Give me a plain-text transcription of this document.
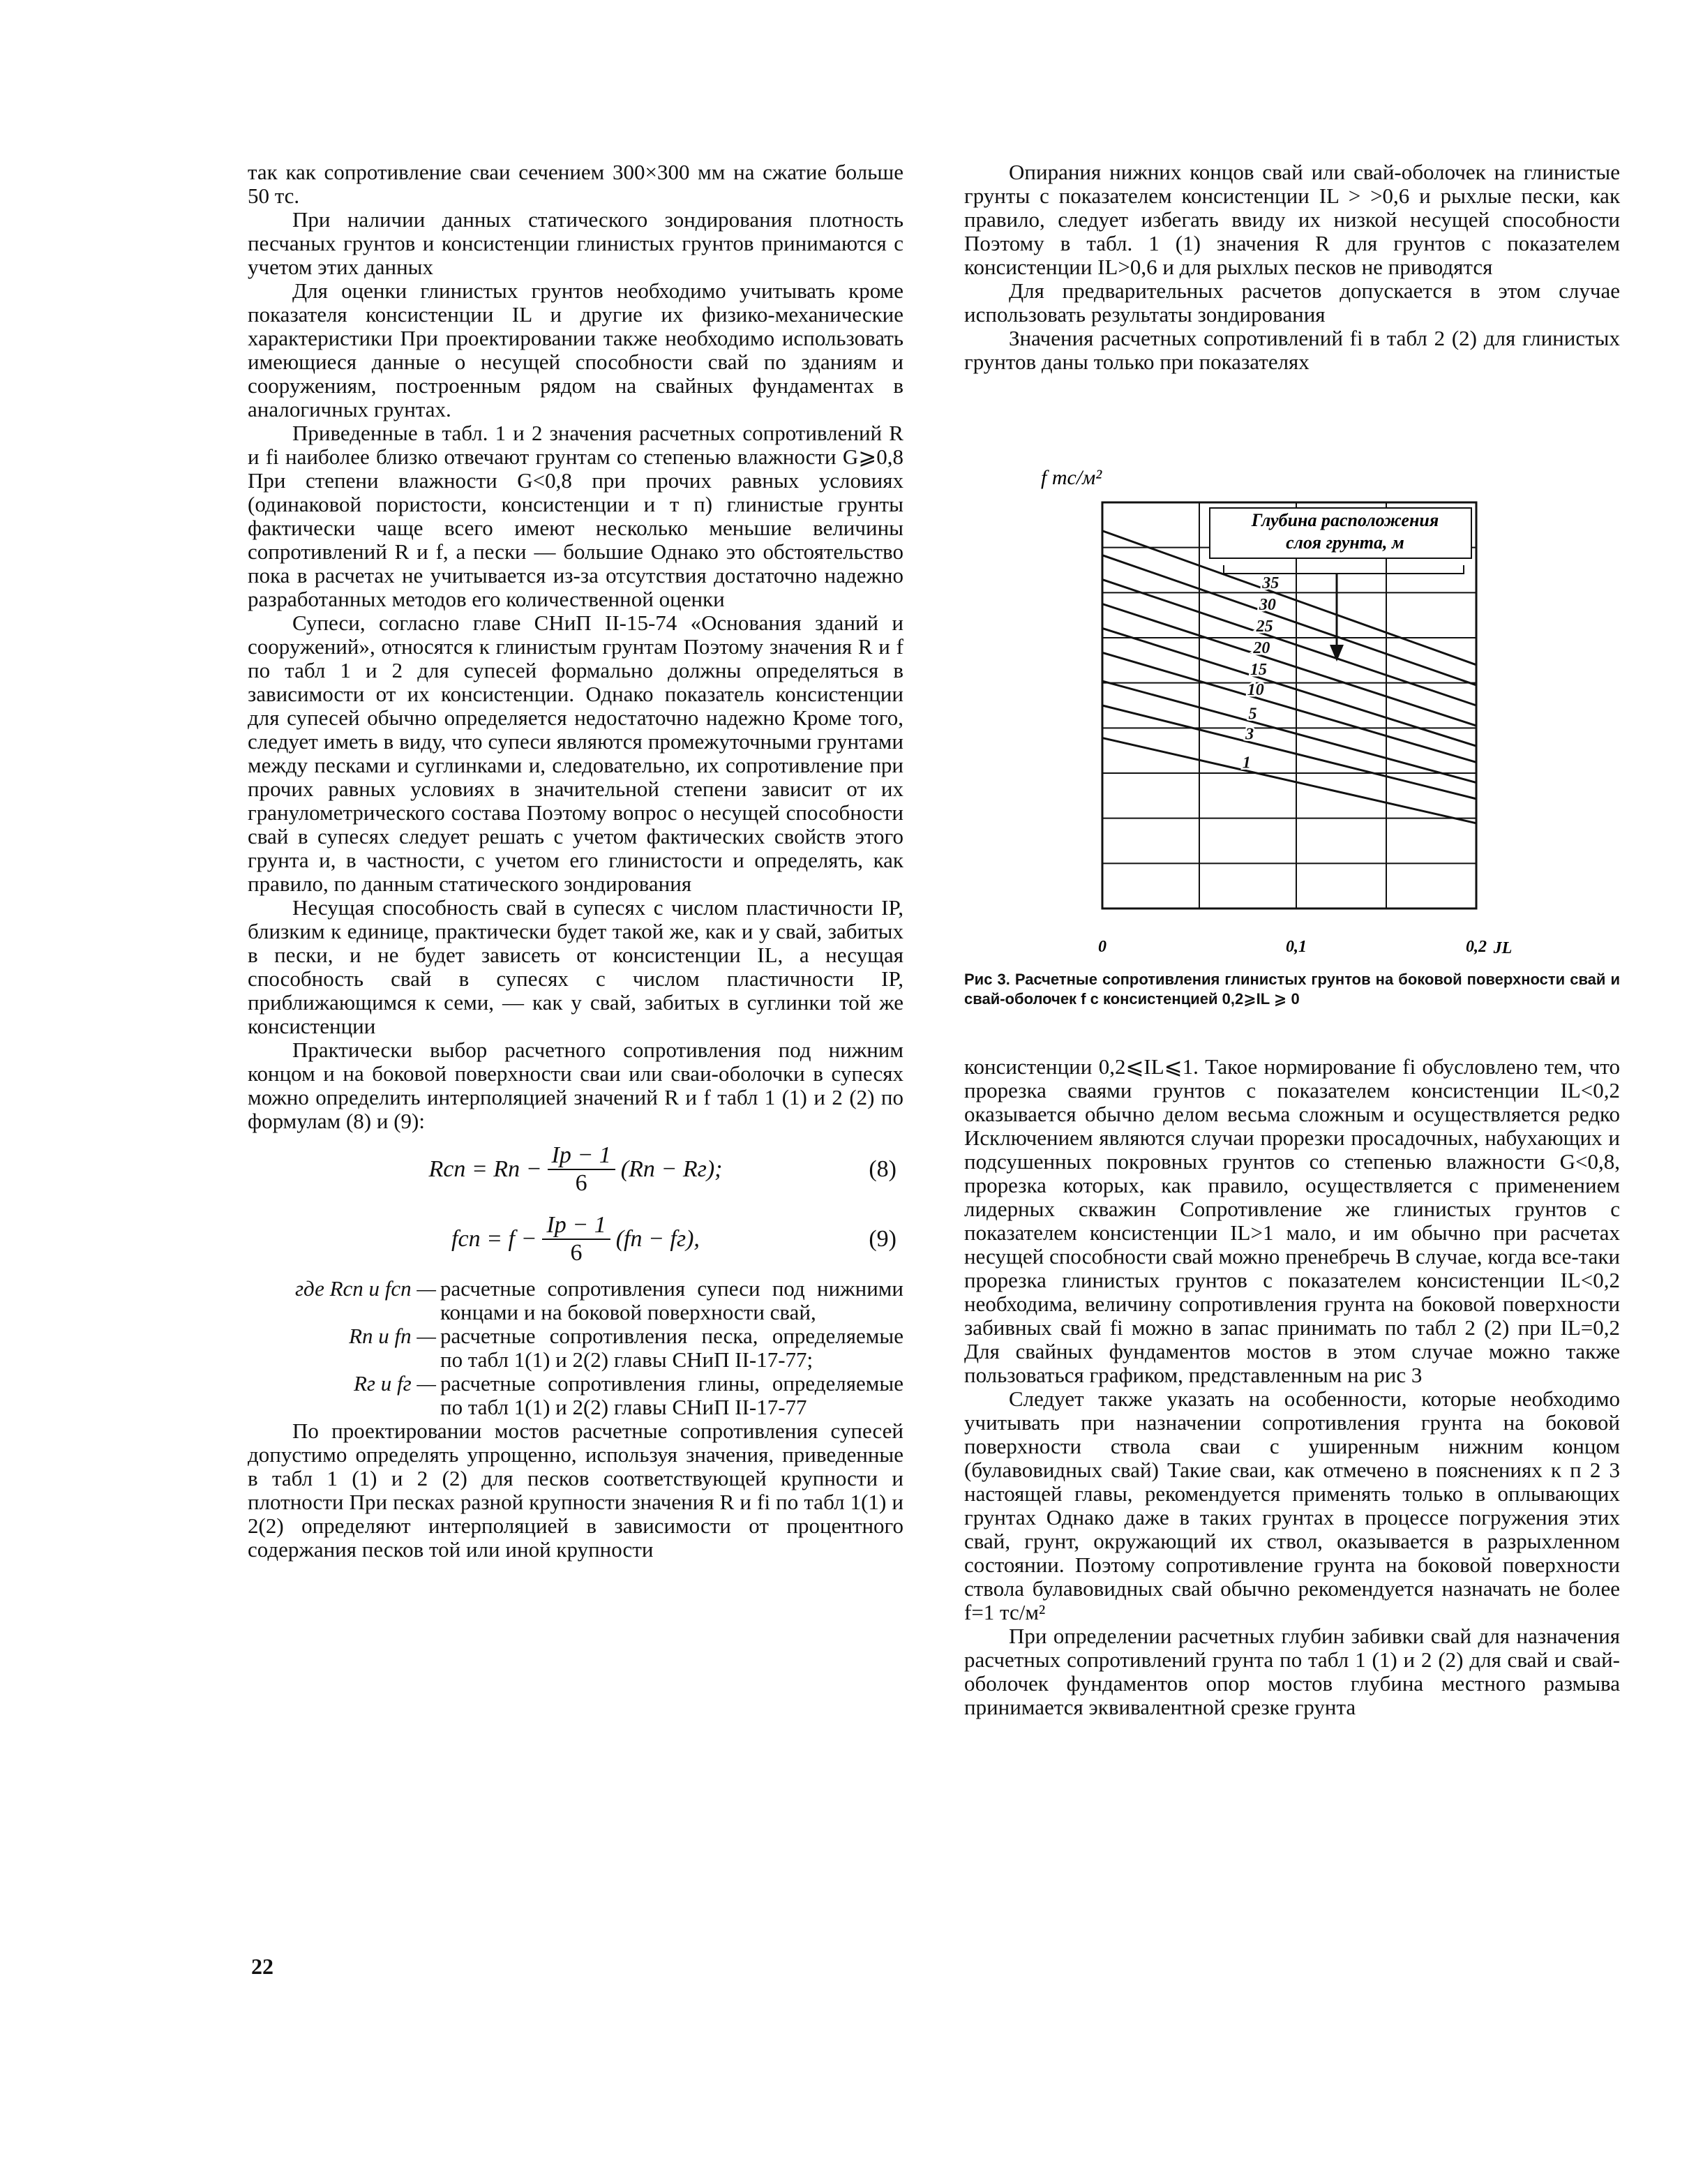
так как сопротивление сваи сечением 300×300 мм на сжатие больше 50 тс.

При наличии данных статического зондирования плотность песчаных грунтов и консистенции глинистых грунтов принимаются с учетом этих данных

Для оценки глинистых грунтов необходимо учитывать кроме показателя консистенции IL и другие их физико-механические характеристики При проектировании также необходимо использовать имеющиеся данные о несущей способности свай по зданиям и сооружениям, построенным рядом на свайных фундаментах в аналогичных грунтах.

Приведенные в табл. 1 и 2 значения расчетных сопротивлений R и fi наиболее близко отвечают грунтам со степенью влажности G⩾0,8 При степени влажности G<0,8 при прочих равных условиях (одинаковой пористости, консистенции и т п) глинистые грунты фактически чаще всего имеют несколько меньшие величины сопротивлений R и f, а пески — большие Однако это обстоятельство пока в расчетах не учитывается из-за отсутствия достаточно надежно разработанных методов его количественной оценки

Супеси, согласно главе СНиП II-15-74 «Основания зданий и сооружений», относятся к глинистым грунтам Поэтому значения R и f по табл 1 и 2 для супесей формально должны определяться в зависимости от их консистенции. Однако показатель консистенции для супесей обычно определяется недостаточно надежно Кроме того, следует иметь в виду, что супеси являются промежуточными грунтами между песками и суглинками и, следовательно, их сопротивление при прочих равных условиях в значительной степени зависит от их гранулометрического состава Поэтому вопрос о несущей способности свай в супесях следует решать с учетом фактических свойств этого грунта и, в частности, с учетом его глинистости и определять, как правило, по данным статического зондирования

Несущая способность свай в супесях с числом пластичности IP, близким к единице, практически будет такой же, как и у свай, забитых в пески, и не будет зависеть от консистенции IL, а несущая способность свай в супесях с числом пластичности IP, приближающимся к семи, — как у свай, забитых в суглинки той же консистенции

Практически выбор расчетного сопротивления под нижним концом и на боковой поверхности сваи или сваи-оболочки в супесях можно определить интерполяцией значений R и f табл 1 (1) и 2 (2) по формулам (8) и (9):

Rсп = Rп − $\frac{Iр - 1}{6} (Rп - Rг)$;	(8)
fсп = $f - \frac{Iр - 1}{6} (fп - fг)$,	(9)
где Rсп и fсп — расчетные сопротивления супеси под нижними концами и на боковой поверхности свай,
Rп и fп — расчетные сопротивления песка, определяемые по табл 1(1) и 2(2) главы СНиП II-17-77;
Rг и fг — расчетные сопротивления глины, определяемые по табл 1(1) и 2(2) главы СНиП II-17-77

По проектировании мостов расчетные сопротивления супесей допустимо определять упрощенно, используя значения, приведенные в табл 1 (1) и 2 (2) для песков соответствующей крупности и плотности При песках разной крупности значения R и fi по табл 1(1) и 2(2) определяют интерполяцией в зависимости от процентного содержания песков той или иной крупности

Опирания нижних концов свай или свай-оболочек на глинистые грунты с показателем консистенции IL > >0,6 и рыхлые пески, как правило, следует избегать ввиду их низкой несущей способности Поэтому в табл. 1 (1) значения R для грунтов с показателем консистенции IL>0,6 и для рыхлых песков не приводятся

Для предварительных расчетов допускается в этом случае использовать результаты зондирования

Значения расчетных сопротивлений fi в табл 2 (2) для глинистых грунтов даны только при показателях

35
30
25
20
15
10
5
3
1
f тс/м²
Глубина расположения
слоя грунта, м
0	0,1	0,2 JL
Рис 3. Расчетные сопротивления глинистых грунтов на боковой поверхности свай и свай-оболочек f с консистенцией 0,2⩾IL ⩾ 0

консистенции 0,2⩽IL⩽1. Такое нормирование fi обусловлено тем, что прорезка сваями грунтов с показателем консистенции IL<0,2 оказывается обычно делом весьма сложным и осуществляется редко Исключением являются случаи прорезки просадочных, набухающих и подсушенных покровных грунтов со степенью влажности G<0,8, прорезка которых, как правило, осуществляется с применением лидерных скважин Сопротивление же глинистых грунтов с показателем консистенции IL>1 мало, и им обычно при расчетах несущей способности свай можно пренебречь В случае, когда все-таки прорезка глинистых грунтов с показателем консистенции IL<0,2 необходима, величину сопротивления грунта на боковой поверхности забивных свай fi можно в запас принимать по табл 2 (2) при IL=0,2 Для свайных фундаментов мостов в этом случае можно также пользоваться графиком, представленным на рис 3

Следует также указать на особенности, которые необходимо учитывать при назначении сопротивления грунта на боковой поверхности ствола сваи с уширенным нижним концом (булавовидных свай) Такие сваи, как отмечено в пояснениях к п 2 3 настоящей главы, рекомендуется применять только в оплывающих грунтах Однако даже в таких грунтах в процессе погружения этих свай, грунт, окружающий их ствол, оказывается в разрыхленном состоянии. Поэтому сопротивление грунта на боковой поверхности ствола булавовидных свай обычно рекомендуется назначать не более f=1 тс/м²

При определении расчетных глубин забивки свай для назначения расчетных сопротивлений грунта по табл 1 (1) и 2 (2) для свай и свай-оболочек фундаментов опор мостов глубина местного размыва принимается эквивалентной срезке грунта

22
